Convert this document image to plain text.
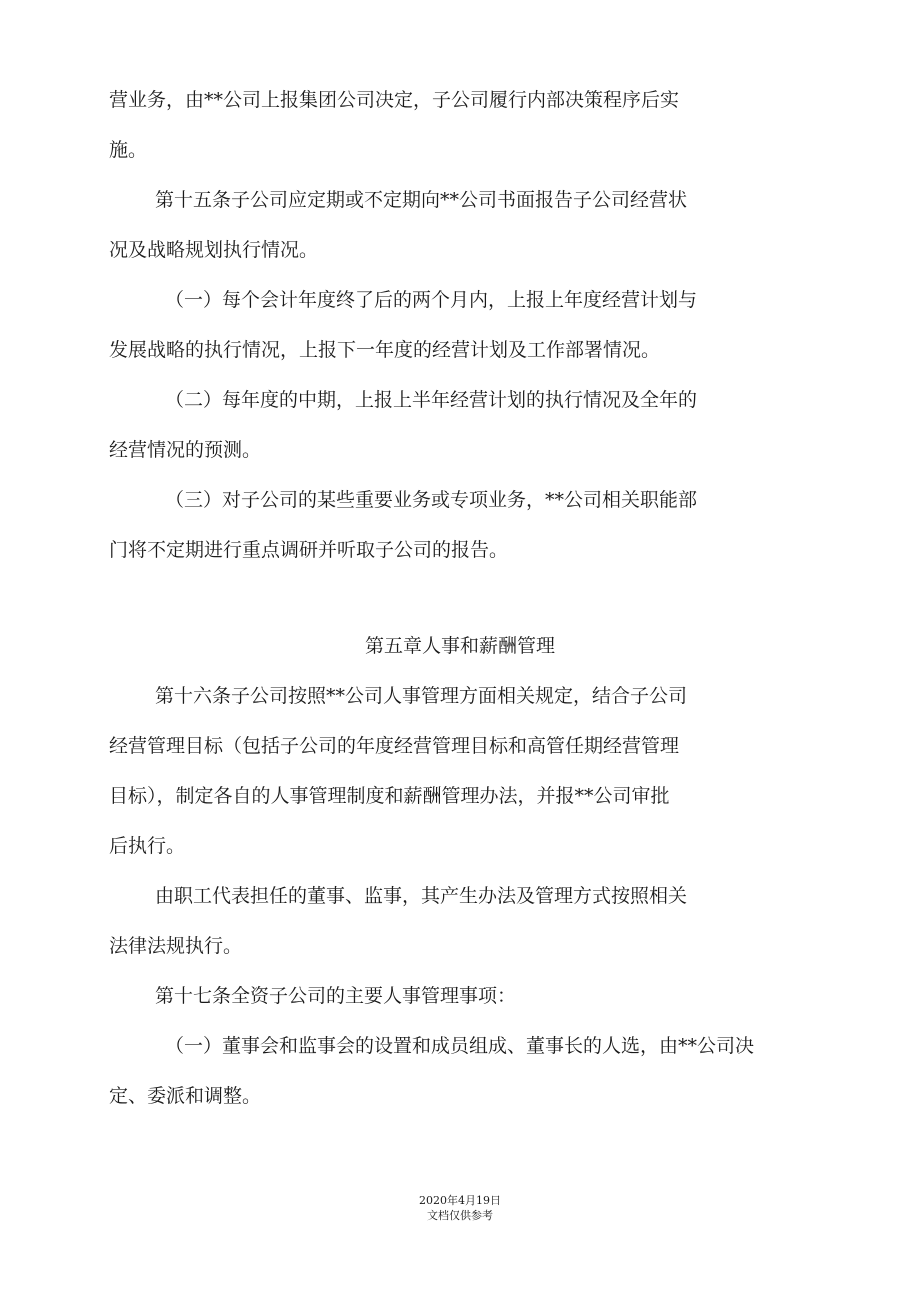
营业务，由**公司上报集团公司决定，子公司履行内部决策程序后实
施。
第十五条子公司应定期或不定期向**公司书面报告子公司经营状
况及战略规划执行情况。
（一）每个会计年度终了后的两个月内，上报上年度经营计划与
发展战略的执行情况，上报下一年度的经营计划及工作部署情况。
（二）每年度的中期，上报上半年经营计划的执行情况及全年的
经营情况的预测。
（三）对子公司的某些重要业务或专项业务，**公司相关职能部
门将不定期进行重点调研并听取子公司的报告。
第五章人事和薪酬管理
第十六条子公司按照**公司人事管理方面相关规定，结合子公司
经营管理目标（包括子公司的年度经营管理目标和高管任期经营管理
目标），制定各自的人事管理制度和薪酬管理办法，并报**公司审批
后执行。
由职工代表担任的董事、监事，其产生办法及管理方式按照相关
法律法规执行。
第十七条全资子公司的主要人事管理事项：
（一）董事会和监事会的设置和成员组成、董事长的人选，由**公司决
定、委派和调整。
2020年4月19日
文档仅供参考
